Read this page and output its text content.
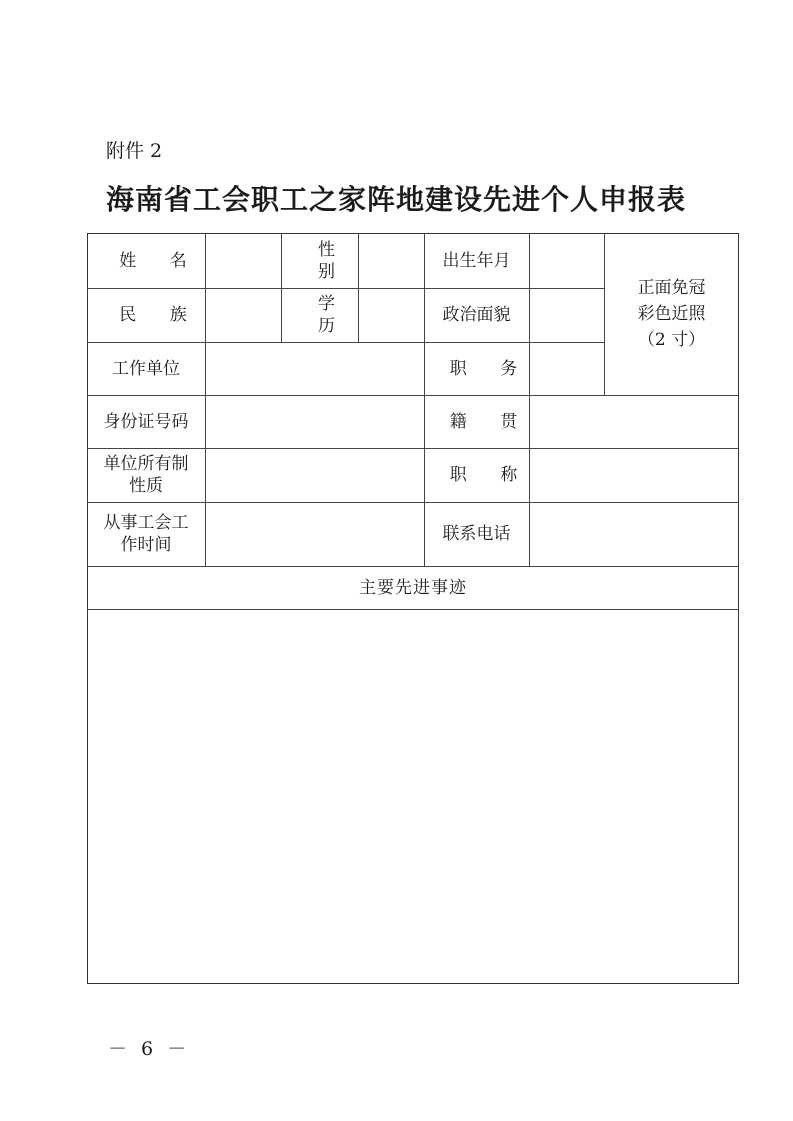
附件 2
海南省工会职工之家阵地建设先进个人申报表
姓 名
性 别
出生年月
民 族
学 历
政治面貌
正面免冠
彩色近照
（2 寸）
工作单位	职 务
身份证号码	籍 贯
单位所有制性质
职 称
从事工会工作时间
联系电话
主要先进事迹
－ 6 －
